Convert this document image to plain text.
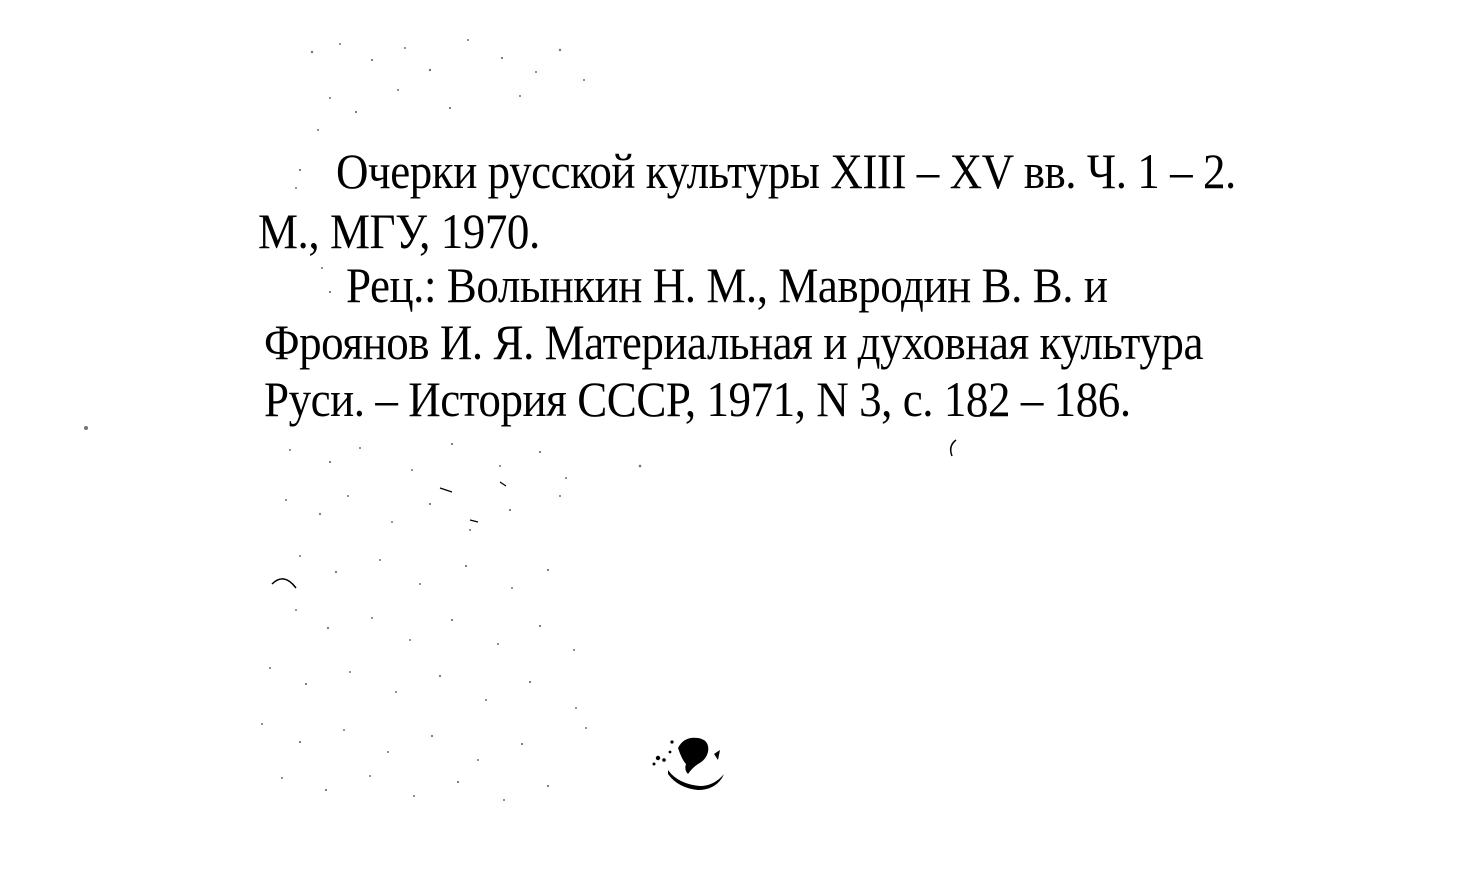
Очерки русской культуры XIII – XV вв. Ч. 1 – 2.
М., МГУ, 1970.
Рец.: Волынкин Н. М., Мавродин В. В. и
Фроянов И. Я. Материальная и духовная культура
Руси. – История СССР, 1971, N 3, с. 182 – 186.
